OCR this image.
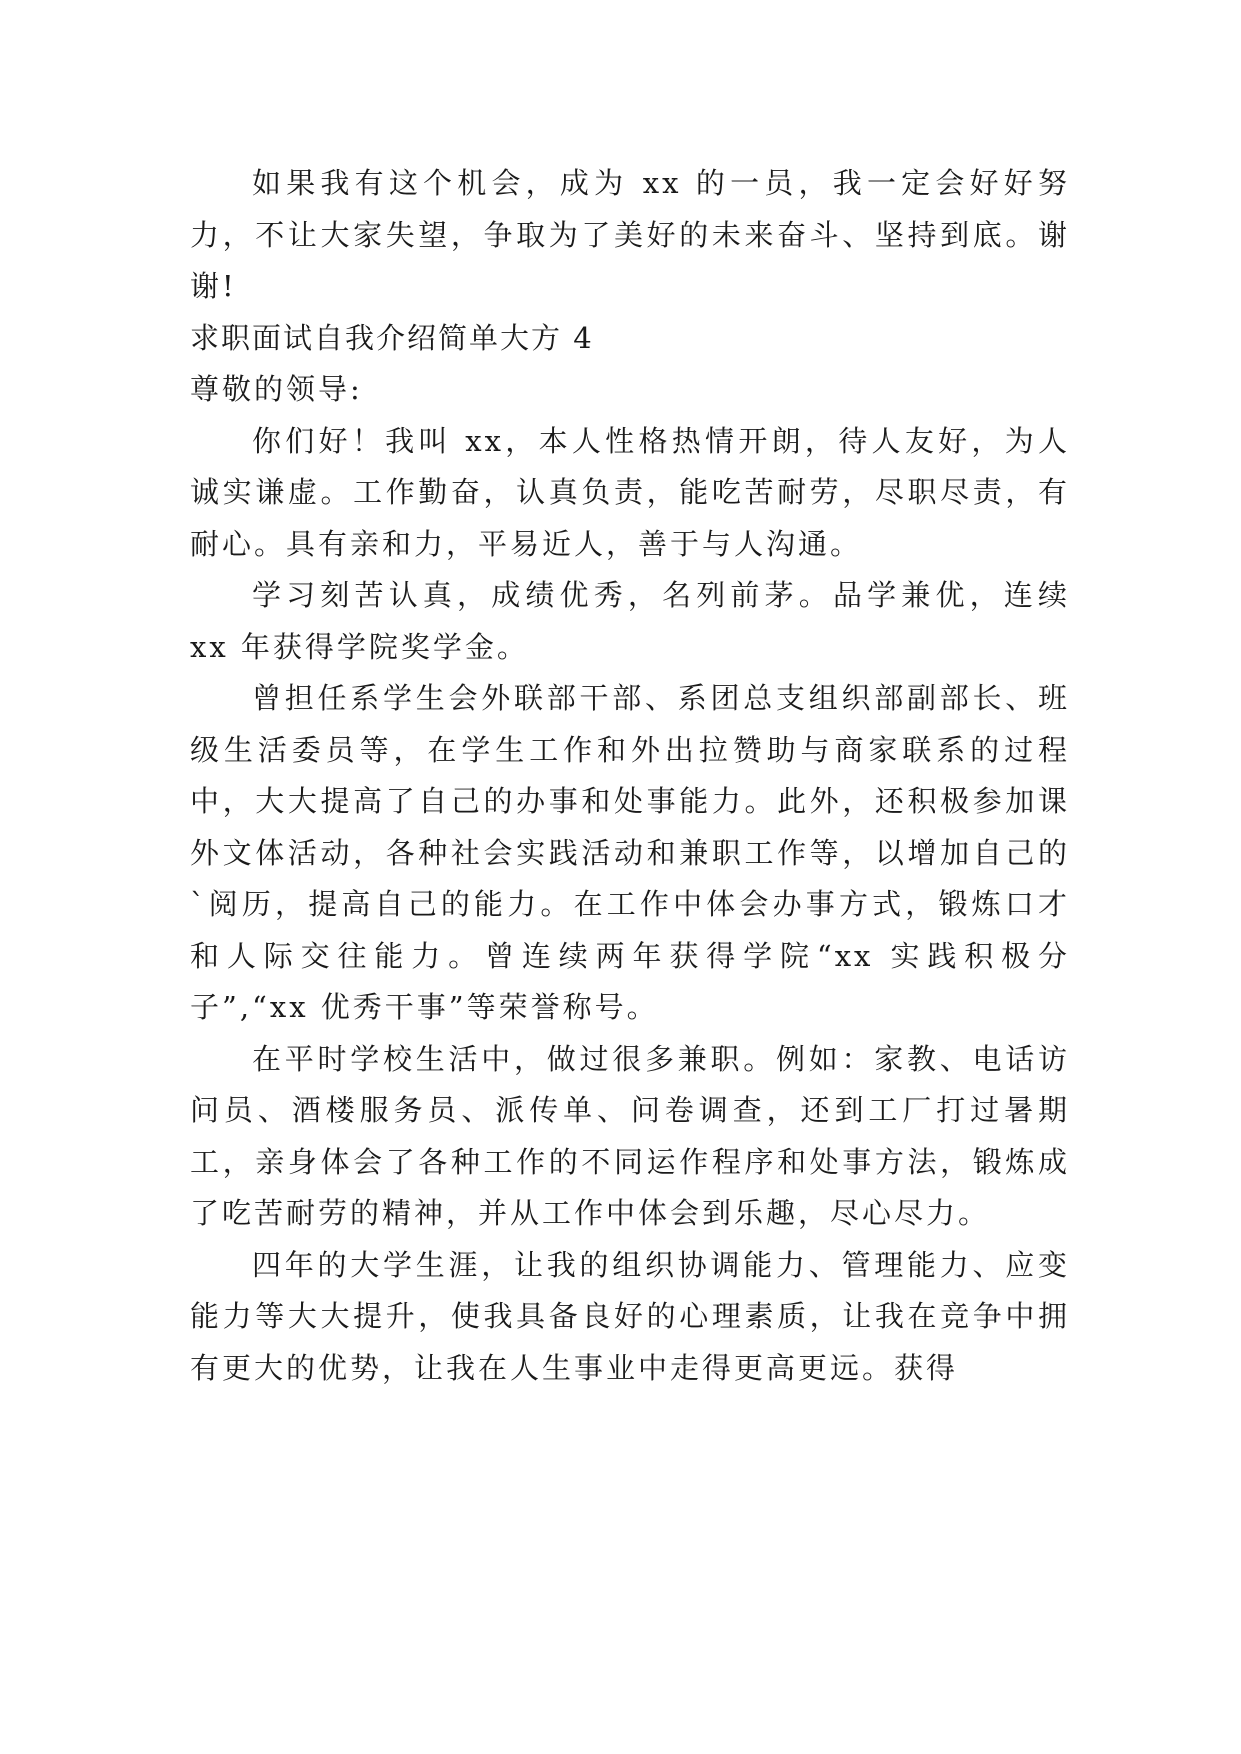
如果我有这个机会，成为 xx 的一员，我一定会好好努力，不让大家失望，争取为了美好的未来奋斗、坚持到底。谢谢!

求职面试自我介绍简单大方 4

尊敬的领导:

你们好！我叫 xx，本人性格热情开朗，待人友好，为人诚实谦虚。工作勤奋，认真负责，能吃苦耐劳，尽职尽责，有耐心。具有亲和力，平易近人，善于与人沟通。

学习刻苦认真，成绩优秀，名列前茅。品学兼优，连续 xx 年获得学院奖学金。

曾担任系学生会外联部干部、系团总支组织部副部长、班级生活委员等，在学生工作和外出拉赞助与商家联系的过程中，大大提高了自己的办事和处事能力。此外，还积极参加课外文体活动，各种社会实践活动和兼职工作等，以增加自己的`阅历，提高自己的能力。在工作中体会办事方式，锻炼口才和人际交往能力。曾连续两年获得学院“xx 实践积极分子”,“xx 优秀干事”等荣誉称号。

在平时学校生活中，做过很多兼职。例如：家教、电话访问员、酒楼服务员、派传单、问卷调查，还到工厂打过暑期工，亲身体会了各种工作的不同运作程序和处事方法，锻炼成了吃苦耐劳的精神，并从工作中体会到乐趣，尽心尽力。

四年的大学生涯，让我的组织协调能力、管理能力、应变能力等大大提升，使我具备良好的心理素质，让我在竞争中拥有更大的优势，让我在人生事业中走得更高更远。获得
